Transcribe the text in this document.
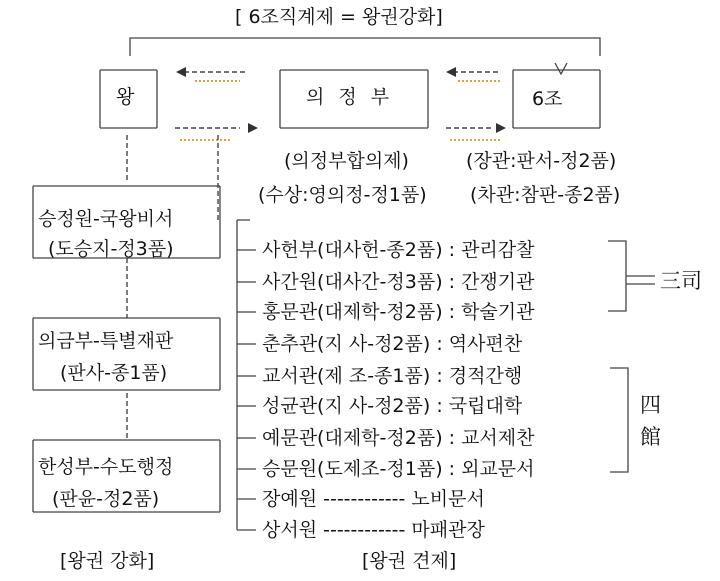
[ 6조직계제 = 왕권강화]
왕	의 정 부	6조
(의정부합의제)	(장관:판서-정2품)
(수상:영의정-정1품) (차관:참판-종2품)
승정원-국왕비서
(도승지-정3품)
의금부-특별재판
(판사-종1품)
한성부-수도행정
(판윤-정2품)
사헌부(대사헌-종2품) : 관리감찰
사간원(대사간-정3품) : 간쟁기관
홍문관(대제학-정2품) : 학술기관
춘추관(지 사-정2품) : 역사편찬
교서관(제 조-종1품) : 경적간행
성균관(지 사-정2품) : 국립대학
예문관(대제학-정2품) : 교서제찬
승문원(도제조-정1품) : 외교문서
장예원 ------------ 노비문서
상서원 ------------ 마패관장
三司
四
館
[왕권 강화]	[왕권 견제]
